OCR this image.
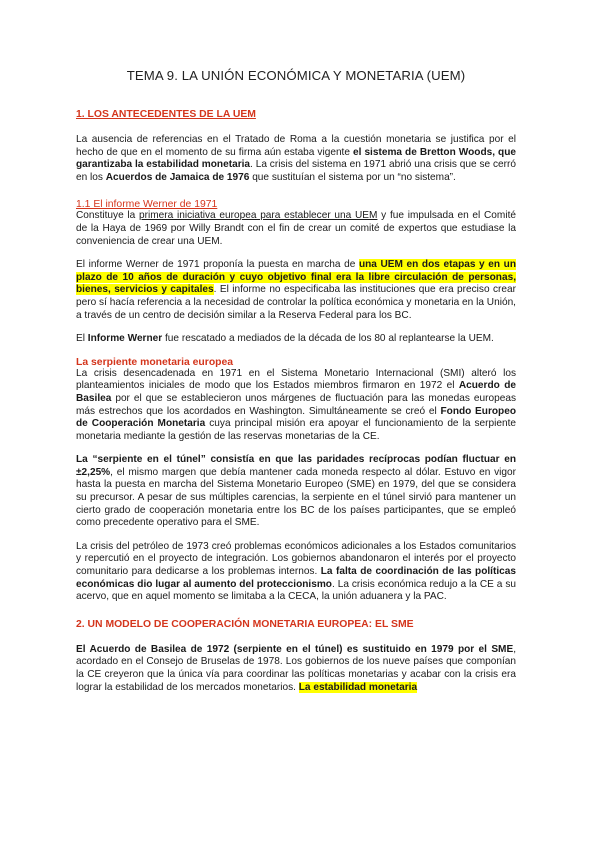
TEMA 9. LA UNIÓN ECONÓMICA Y MONETARIA (UEM)
1. LOS ANTECEDENTES DE LA UEM

La ausencia de referencias en el Tratado de Roma a la cuestión monetaria se justifica por el hecho de que en el momento de su firma aún estaba vigente el sistema de Bretton Woods, que garantizaba la estabilidad monetaria. La crisis del sistema en 1971 abrió una crisis que se cerró en los Acuerdos de Jamaica de 1976 que sustituían el sistema por un “no sistema”.

1.1 El informe Werner de 1971

Constituye la primera iniciativa europea para establecer una UEM y fue impulsada en el Comité de la Haya de 1969 por Willy Brandt con el fin de crear un comité de expertos que estudiase la conveniencia de crear una UEM.

El informe Werner de 1971 proponía la puesta en marcha de una UEM en dos etapas y en un plazo de 10 años de duración y cuyo objetivo final era la libre circulación de personas, bienes, servicios y capitales. El informe no especificaba las instituciones que era preciso crear pero sí hacía referencia a la necesidad de controlar la política económica y monetaria en la Unión, a través de un centro de decisión similar a la Reserva Federal para los BC.

El Informe Werner fue rescatado a mediados de la década de los 80 al replantearse la UEM.

La serpiente monetaria europea

La crisis desencadenada en 1971 en el Sistema Monetario Internacional (SMI) alteró los planteamientos iniciales de modo que los Estados miembros firmaron en 1972 el Acuerdo de Basilea por el que se establecieron unos márgenes de fluctuación para las monedas europeas más estrechos que los acordados en Washington. Simultáneamente se creó el Fondo Europeo de Cooperación Monetaria cuya principal misión era apoyar el funcionamiento de la serpiente monetaria mediante la gestión de las reservas monetarias de la CE.

La “serpiente en el túnel” consistía en que las paridades recíprocas podían fluctuar en ±2,25%, el mismo margen que debía mantener cada moneda respecto al dólar. Estuvo en vigor hasta la puesta en marcha del Sistema Monetario Europeo (SME) en 1979, del que se considera su precursor. A pesar de sus múltiples carencias, la serpiente en el túnel sirvió para mantener un cierto grado de cooperación monetaria entre los BC de los países participantes, que se empleó como precedente operativo para el SME.

La crisis del petróleo de 1973 creó problemas económicos adicionales a los Estados comunitarios y repercutió en el proyecto de integración. Los gobiernos abandonaron el interés por el proyecto comunitario para dedicarse a los problemas internos. La falta de coordinación de las políticas económicas dio lugar al aumento del proteccionismo. La crisis económica redujo a la CE a su acervo, que en aquel momento se limitaba a la CECA, la unión aduanera y la PAC.

2. UN MODELO DE COOPERACIÓN MONETARIA EUROPEA: EL SME

El Acuerdo de Basilea de 1972 (serpiente en el túnel) es sustituido en 1979 por el SME, acordado en el Consejo de Bruselas de 1978. Los gobiernos de los nueve países que componían la CE creyeron que la única vía para coordinar las políticas monetarias y acabar con la crisis era lograr la estabilidad de los mercados monetarios. La estabilidad monetaria
